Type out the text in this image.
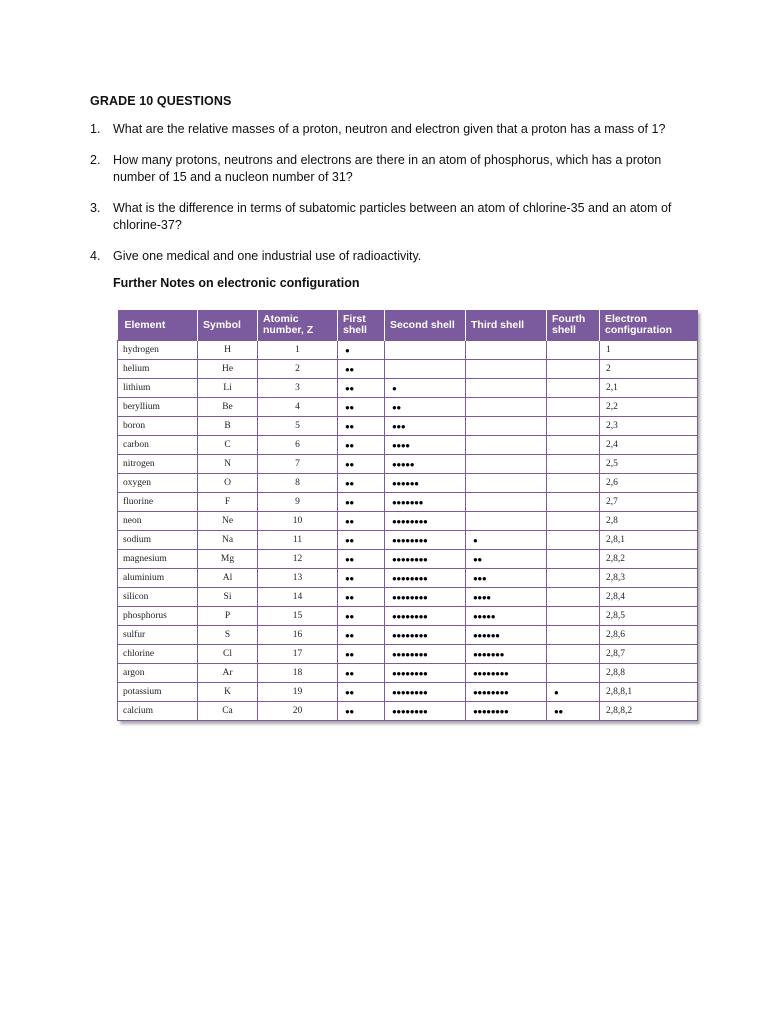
GRADE 10 QUESTIONS
1. What are the relative masses of a proton, neutron and electron given that a proton has a mass of 1?
2. How many protons, neutrons and electrons are there in an atom of phosphorus, which has a proton number of 15 and a nucleon number of 31?
3. What is the difference in terms of subatomic particles between an atom of chlorine-35 and an atom of chlorine-37?
4. Give one medical and one industrial use of radioactivity.
Further Notes on electronic configuration
Element	Symbol	Atomic number, Z	First shell	Second shell	Third shell	Fourth shell	Electron configuration
hydrogen	H	1	●				1
helium	He	2	●●				2
lithium	Li	3	●●	●			2,1
beryllium	Be	4	●●	●●			2,2
boron	B	5	●●	●●●			2,3
carbon	C	6	●●	●●●●			2,4
nitrogen	N	7	●●	●●●●●			2,5
oxygen	O	8	●●	●●●●●●			2,6
fluorine	F	9	●●	●●●●●●●			2,7
neon	Ne	10	●●	●●●●●●●●			2,8
sodium	Na	11	●●	●●●●●●●●	●		2,8,1
magnesium	Mg	12	●●	●●●●●●●●	●●		2,8,2
aluminium	Al	13	●●	●●●●●●●●	●●●		2,8,3
silicon	Si	14	●●	●●●●●●●●	●●●●		2,8,4
phosphorus	P	15	●●	●●●●●●●●	●●●●●		2,8,5
sulfur	S	16	●●	●●●●●●●●	●●●●●●		2,8,6
chlorine	Cl	17	●●	●●●●●●●●	●●●●●●●		2,8,7
argon	Ar	18	●●	●●●●●●●●	●●●●●●●●		2,8,8
potassium	K	19	●●	●●●●●●●●	●●●●●●●●	●	2,8,8,1
calcium	Ca	20	●●	●●●●●●●●	●●●●●●●●	●●	2,8,8,2
